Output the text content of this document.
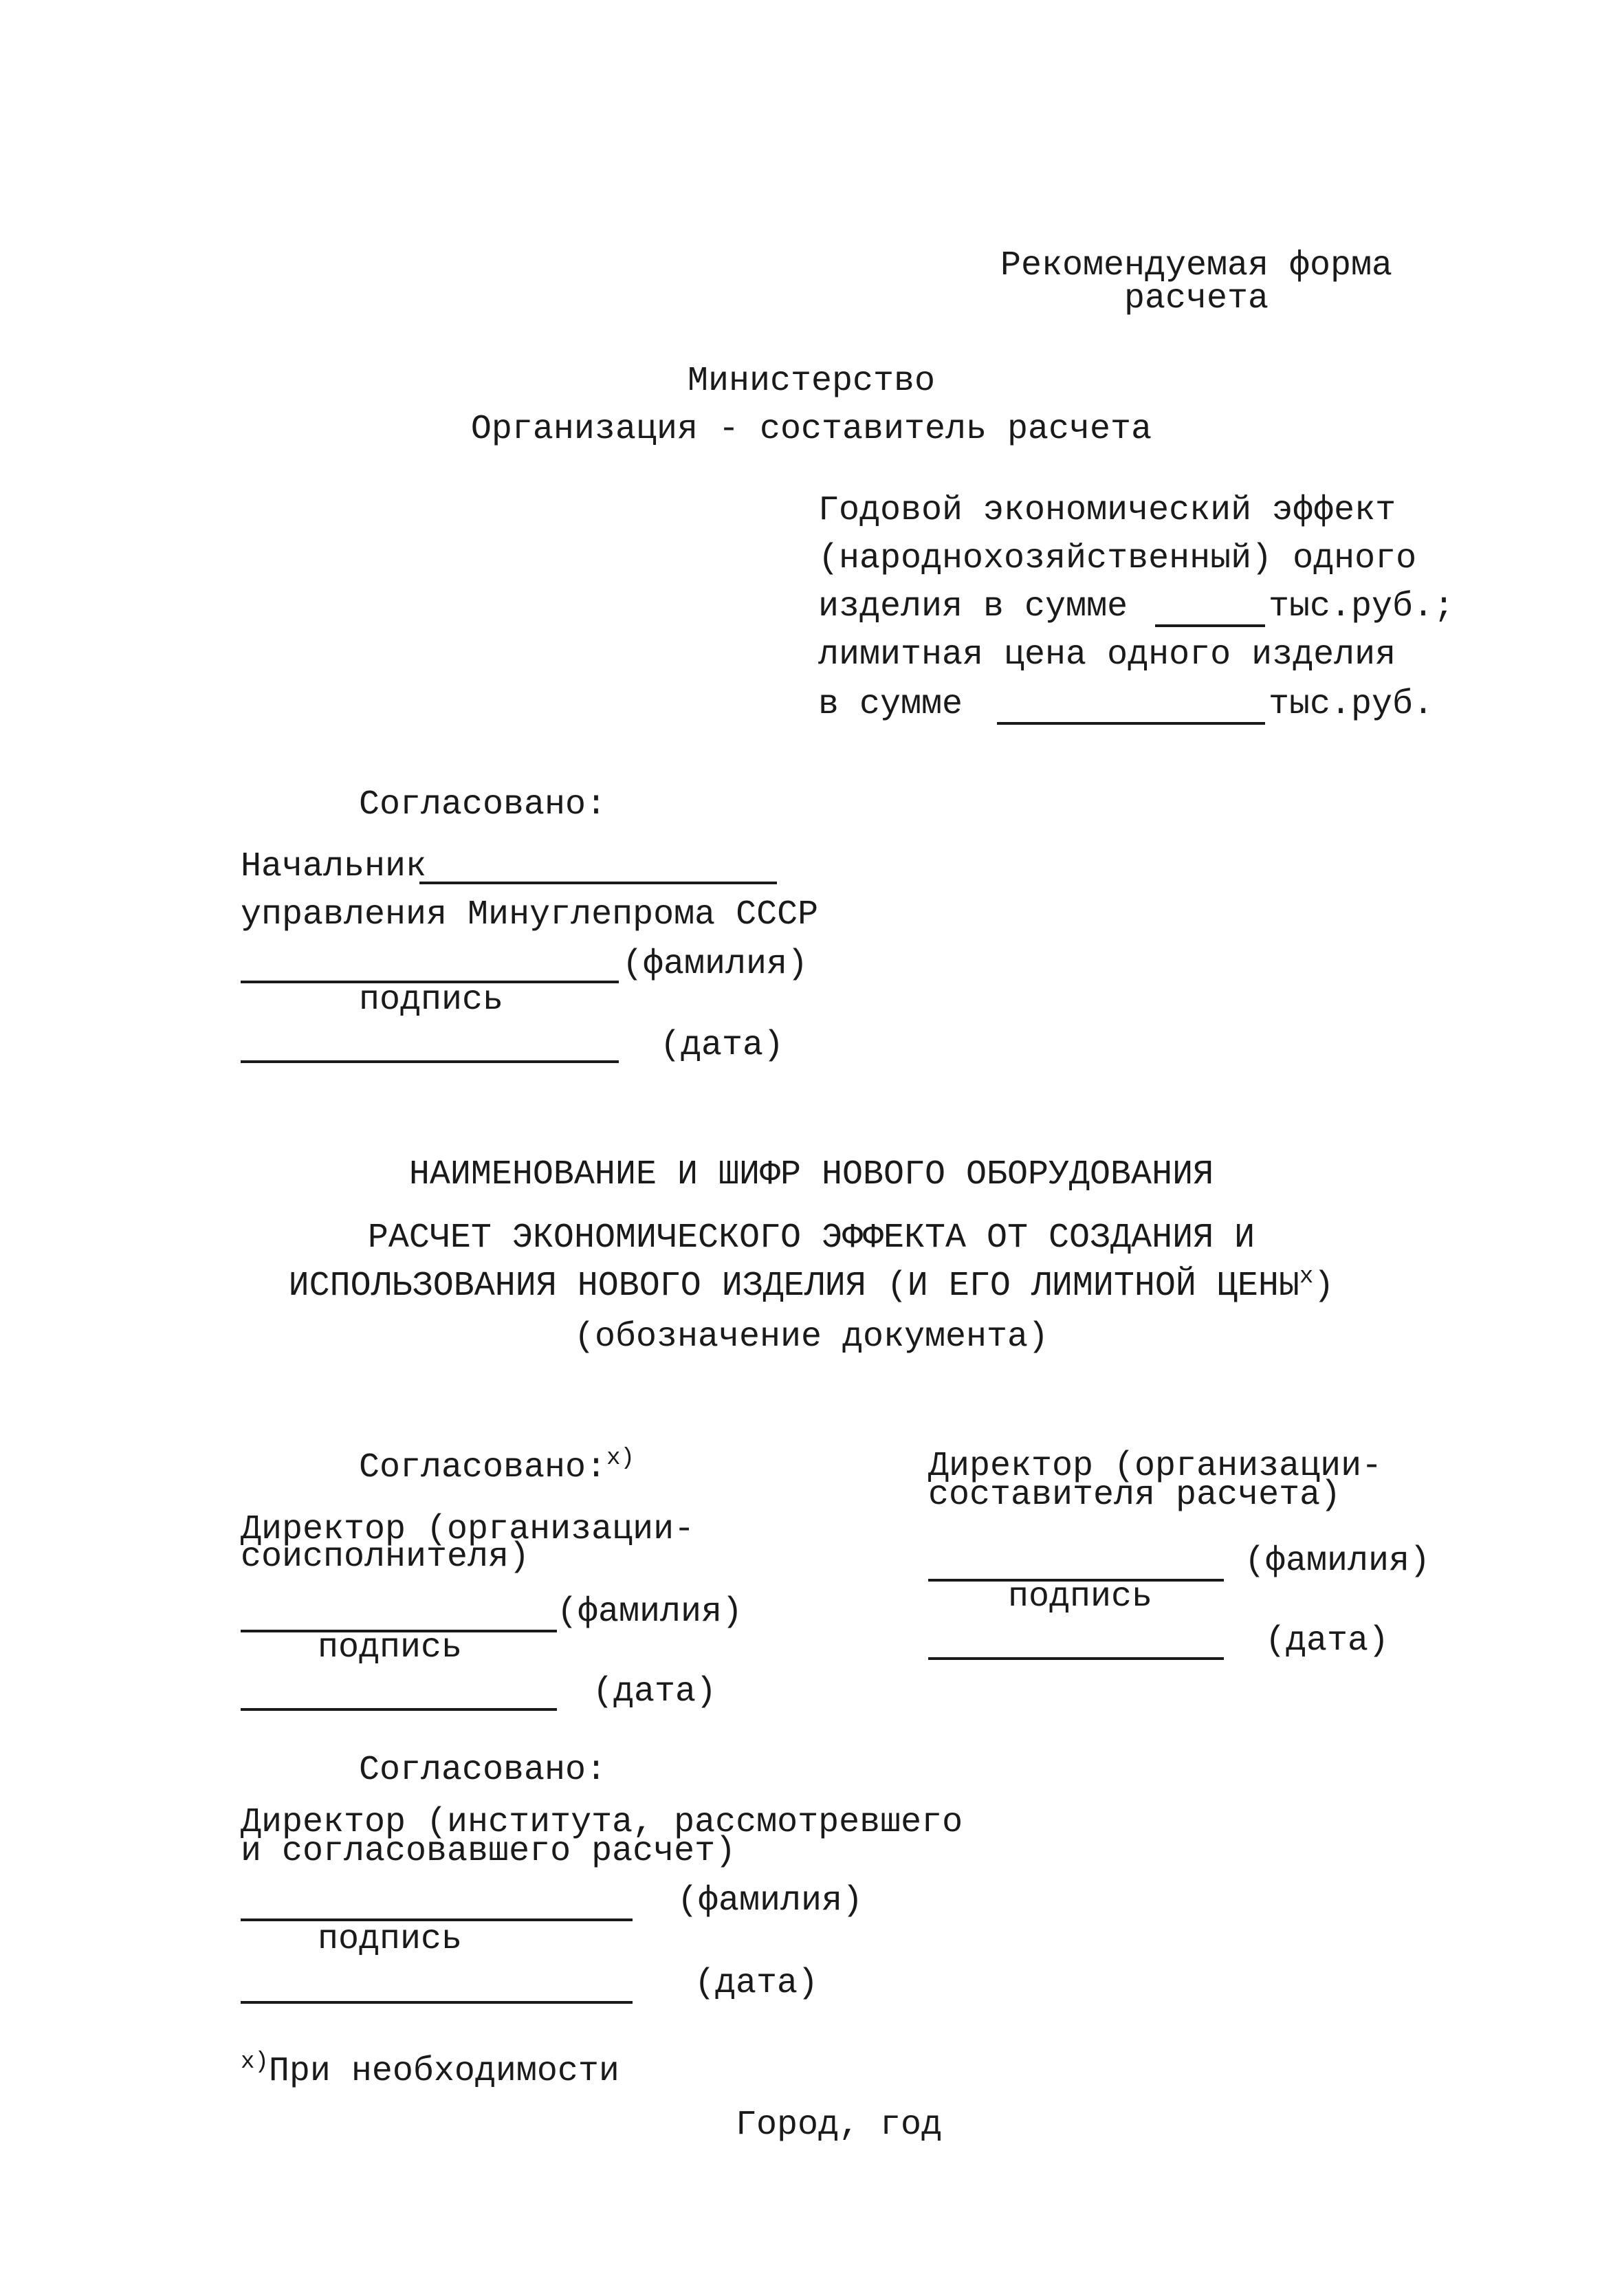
Рекомендуемая форма
расчета
Министерство
Организация - составитель расчета
Годовой экономический эффект
(народнохозяйственный) одного
изделия в сумме	тыс.руб.;
лимитная цена одного изделия
в сумме	тыс.руб.
Согласовано:
Начальник
управления Минуглепрома СССР
(фамилия)
подпись
(дата)
НАИМЕНОВАНИЕ И ШИФР НОВОГО ОБОРУДОВАНИЯ
РАСЧЕТ ЭКОНОМИЧЕСКОГО ЭФФЕКТА ОТ СОЗДАНИЯ И
ИСПОЛЬЗОВАНИЯ НОВОГО ИЗДЕЛИЯ (И ЕГО ЛИМИТНОЙ $ЦЕНЫ^х$)
(обозначение документа)
Согласовано:$^{х)}$
Директор (организации-
соисполнителя)
(фамилия)
подпись
(дата)
Директор (организации-
составителя расчета)
(фамилия)
подпись
(дата)
Согласовано:
Директор (института, рассмотревшего
и согласовавшего расчет)
(фамилия)
подпись
(дата)
$^{х)}$При необходимости
Город, год
